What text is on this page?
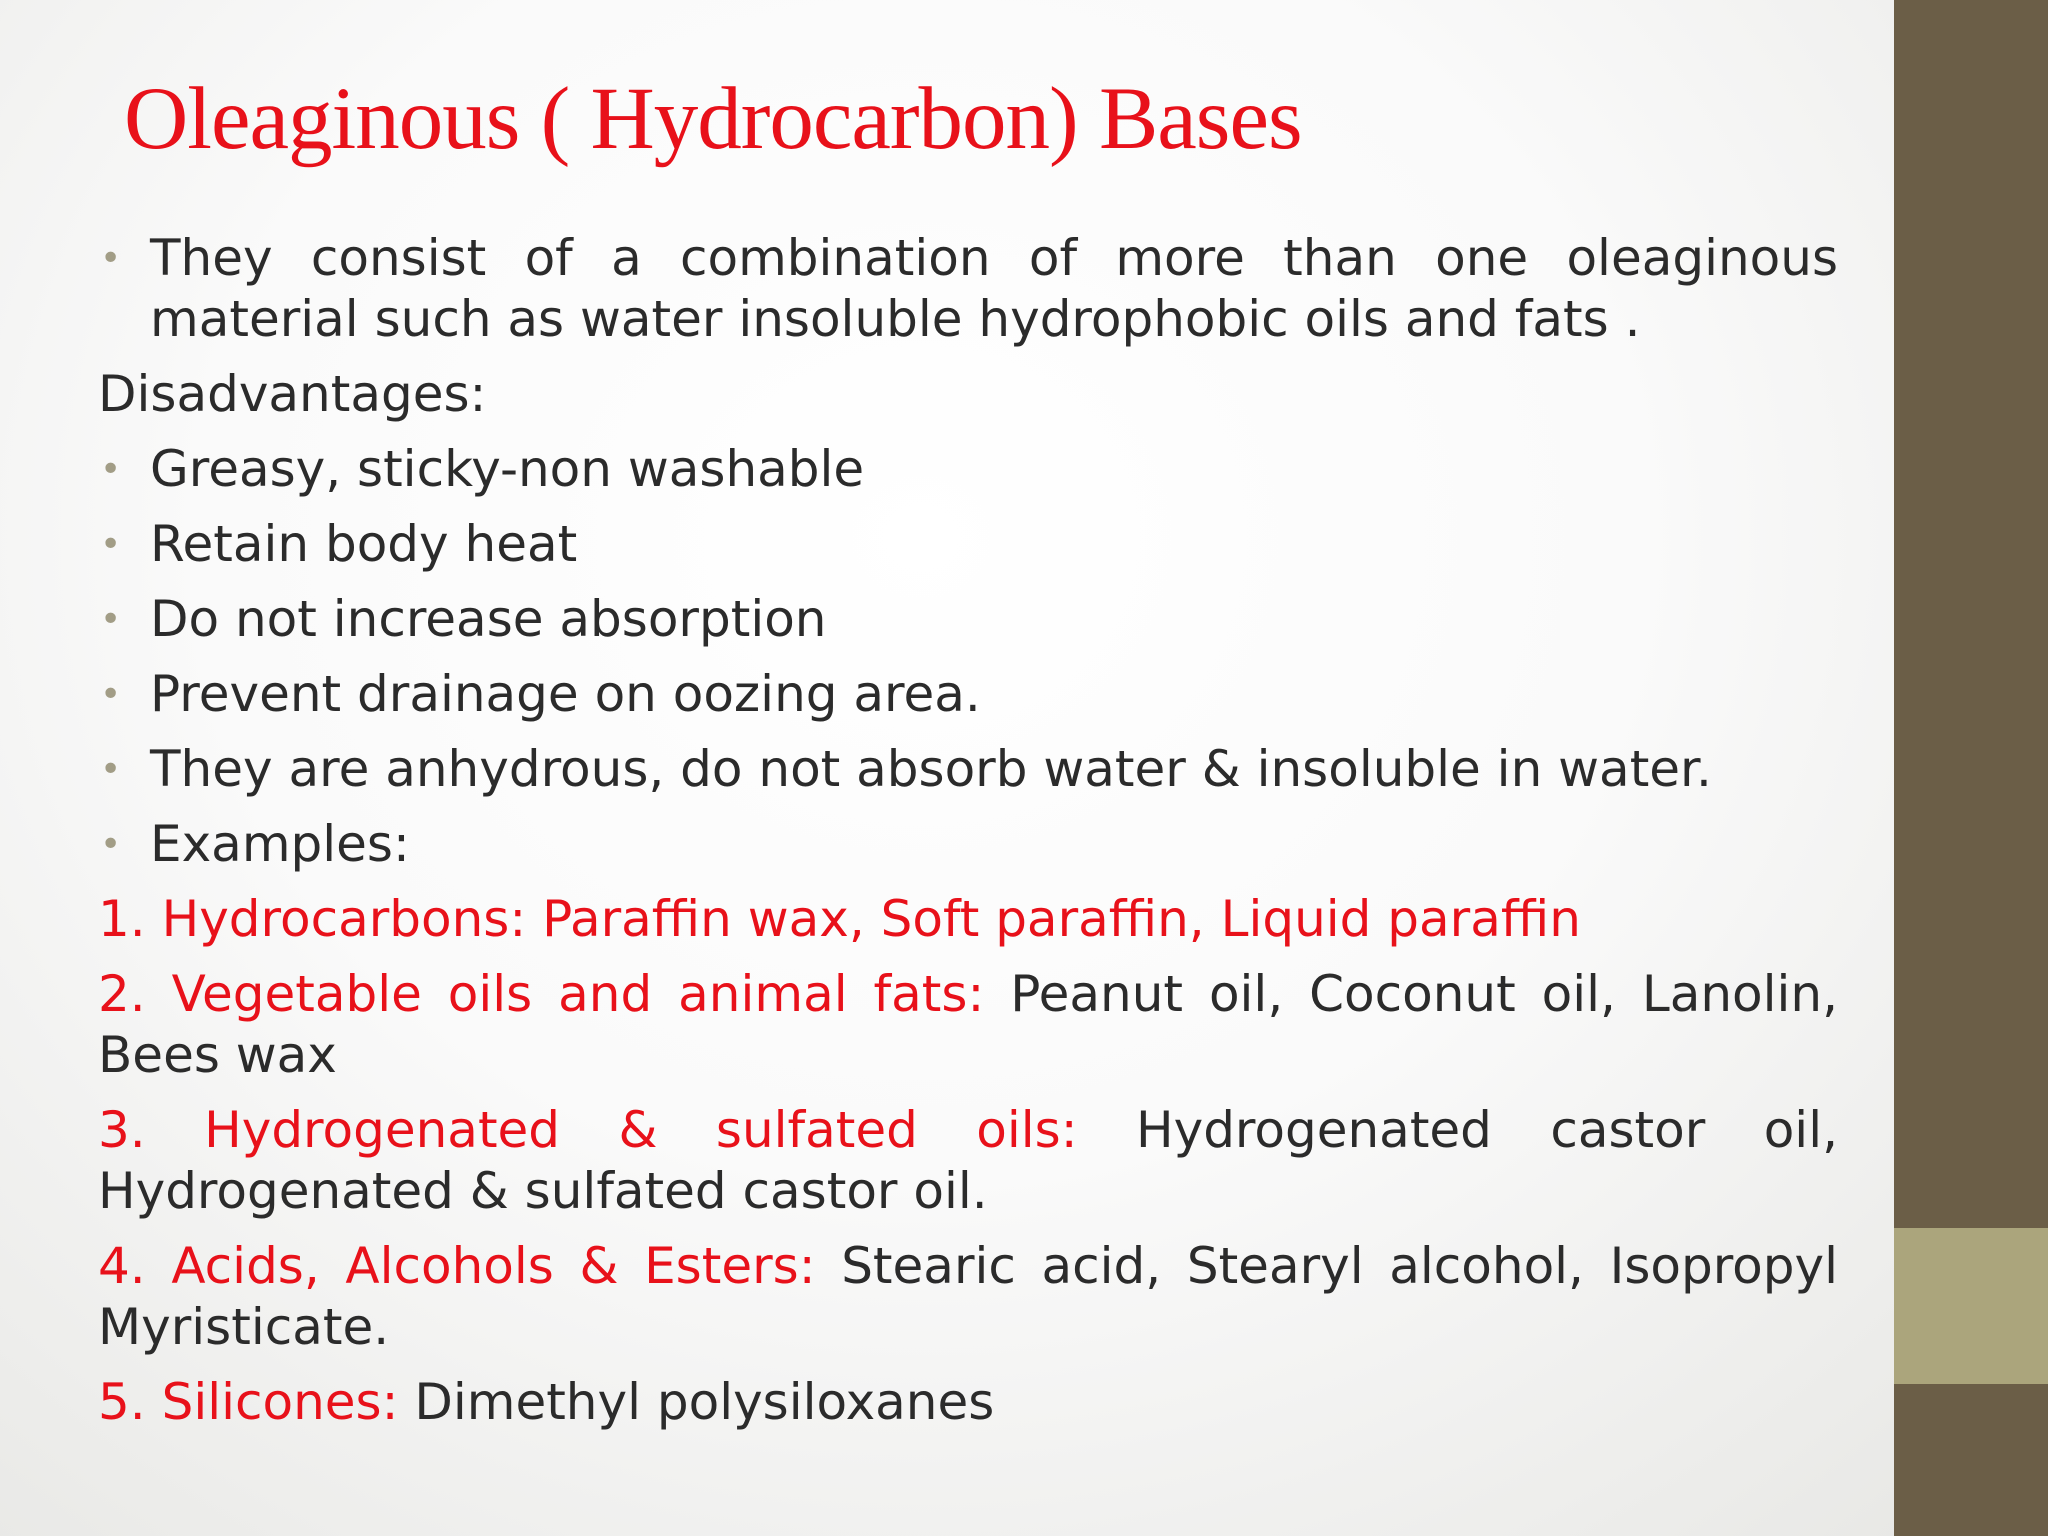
Oleaginous ( Hydrocarbon) Bases
• They consist of a combination of more than one oleaginous material such as water insoluble hydrophobic oils and fats .
Disadvantages:
• Greasy, sticky-non washable
• Retain body heat
• Do not increase absorption
• Prevent drainage on oozing area.
• They are anhydrous, do not absorb water & insoluble in water.
• Examples:
1. Hydrocarbons: Paraffin wax, Soft paraffin, Liquid paraffin
2. Vegetable oils and animal fats: Peanut oil, Coconut oil, Lanolin, Bees wax
3. Hydrogenated & sulfated oils: Hydrogenated castor oil, Hydrogenated & sulfated castor oil.
4. Acids, Alcohols & Esters: Stearic acid, Stearyl alcohol, Isopropyl Myristicate.
5. Silicones: Dimethyl polysiloxanes
